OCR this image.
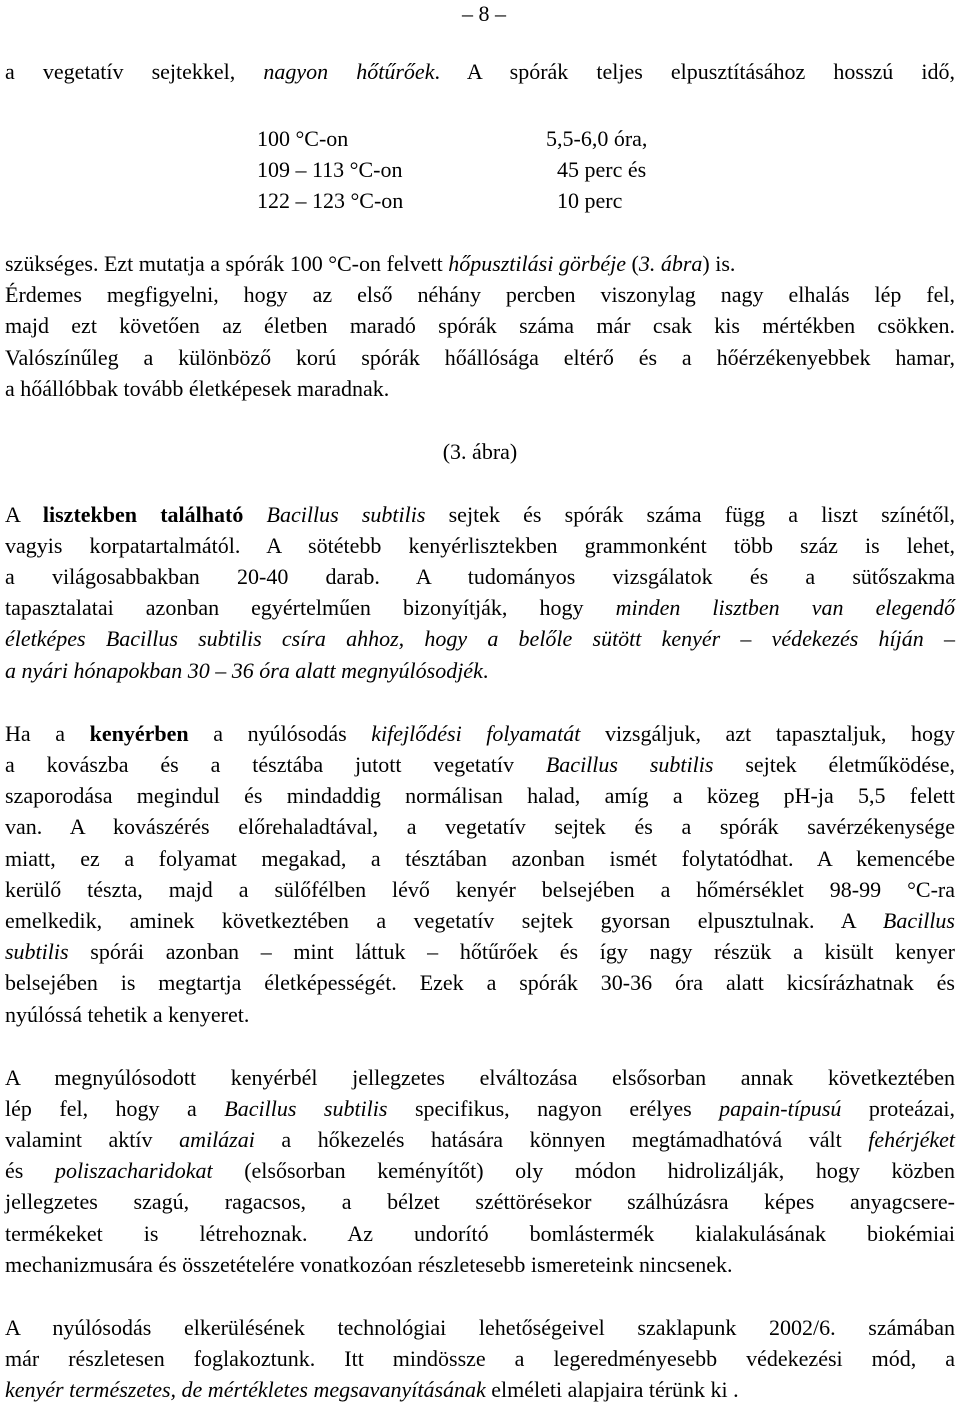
– 8 –
a vegetatív sejtekkel, nagyon hőtűrőek. A spórák teljes elpusztításához hosszú idő,
100 °C-on	5,5-6,0 óra,
109 – 113 °C-on	45 perc és
122 – 123 °C-on	10 perc
szükséges. Ezt mutatja a spórák 100 °C-on felvett hőpusztilási görbéje (3. ábra) is.
Érdemes megfigyelni, hogy az első néhány percben viszonylag nagy elhalás lép fel,
majd ezt követően az életben maradó spórák száma már csak kis mértékben csökken.
Valószínűleg a különböző korú spórák hőállósága eltérő és a hőérzékenyebbek hamar,
a hőállóbbak tovább életképesek maradnak.
(3. ábra)
A lisztekben található Bacillus subtilis sejtek és spórák száma függ a liszt színétől,
vagyis korpatartalmától. A sötétebb kenyérlisztekben grammonként több száz is lehet,
a világosabbakban 20-40 darab. A tudományos vizsgálatok és a sütőszakma
tapasztalatai azonban egyértelműen bizonyítják, hogy minden lisztben van elegendő
életképes Bacillus subtilis csíra ahhoz, hogy a belőle sütött kenyér – védekezés híján –
a nyári hónapokban 30 – 36 óra alatt megnyúlósodjék.
Ha a kenyérben a nyúlósodás kifejlődési folyamatát vizsgáljuk, azt tapasztaljuk, hogy
a kovászba és a tésztába jutott vegetatív Bacillus subtilis sejtek életműködése,
szaporodása megindul és mindaddig normálisan halad, amíg a közeg pH-ja 5,5 felett
van. A kovászérés előrehaladtával, a vegetatív sejtek és a spórák savérzékenysége
miatt, ez a folyamat megakad, a tésztában azonban ismét folytatódhat. A kemencébe
kerülő tészta, majd a sülőfélben lévő kenyér belsejében a hőmérséklet 98-99 °C-ra
emelkedik, aminek következtében a vegetatív sejtek gyorsan elpusztulnak. A Bacillus
subtilis spórái azonban – mint láttuk – hőtűrőek és így nagy részük a kisült kenyer
belsejében is megtartja életképességét. Ezek a spórák 30-36 óra alatt kicsírázhatnak és
nyúlóssá tehetik a kenyeret.
A megnyúlósodott kenyérbél jellegzetes elváltozása elsősorban annak következtében
lép fel, hogy a Bacillus subtilis specifikus, nagyon erélyes papain-típusú proteázai,
valamint aktív amilázai a hőkezelés hatására könnyen megtámadhatóvá vált fehérjéket
és poliszacharidokat (elsősorban keményítőt) oly módon hidrolizálják, hogy közben
jellegzetes szagú, ragacsos, a bélzet széttörésekor szálhúzásra képes anyagcsere-
termékeket is létrehoznak. Az undorító bomlástermék kialakulásának biokémiai
mechanizmusára és összetételére vonatkozóan részletesebb ismereteink nincsenek.
A nyúlósodás elkerülésének technológiai lehetőségeivel szaklapunk 2002/6. számában
már részletesen foglakoztunk. Itt mindössze a legeredményesebb védekezési mód, a
kenyér természetes, de mértékletes megsavanyításának elméleti alapjaira térünk ki .
